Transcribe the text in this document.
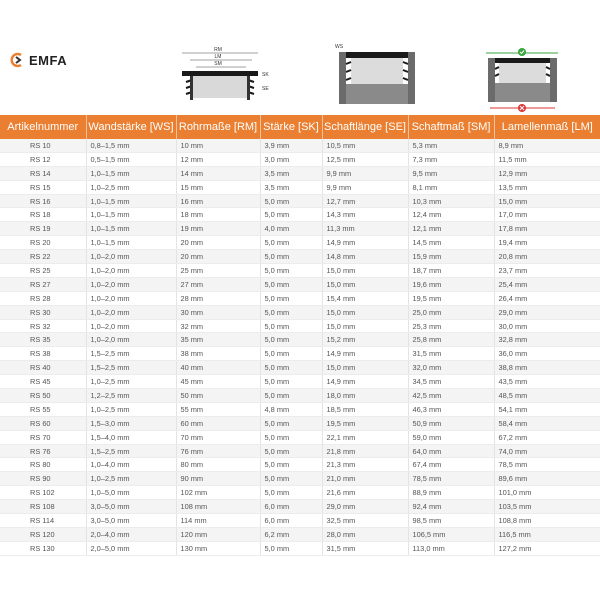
EMFA
RM
LM
SM
SK
SE
WS
Artikelnummer	Wandstärke [WS]	Rohrmaße [RM]	Stärke [SK]	Schaftlänge [SE]	Schaftmaß [SM]	Lamellenmaß [LM]
RS 10	0,8–1,5 mm	10 mm	3,9 mm	10,5 mm	5,3 mm	8,9 mm
RS 12	0,5–1,5 mm	12 mm	3,0 mm	12,5 mm	7,3 mm	11,5 mm
RS 14	1,0–1,5 mm	14 mm	3,5 mm	9,9 mm	9,5 mm	12,9 mm
RS 15	1,0–2,5 mm	15 mm	3,5 mm	9,9 mm	8,1 mm	13,5 mm
RS 16	1,0–1,5 mm	16 mm	5,0 mm	12,7 mm	10,3 mm	15,0 mm
RS 18	1,0–1,5 mm	18 mm	5,0 mm	14,3 mm	12,4 mm	17,0 mm
RS 19	1,0–1,5 mm	19 mm	4,0 mm	11,3 mm	12,1 mm	17,8 mm
RS 20	1,0–1,5 mm	20 mm	5,0 mm	14,9 mm	14,5 mm	19,4 mm
RS 22	1,0–2,0 mm	20 mm	5,0 mm	14,8 mm	15,9 mm	20,8 mm
RS 25	1,0–2,0 mm	25 mm	5,0 mm	15,0 mm	18,7 mm	23,7 mm
RS 27	1,0–2,0 mm	27 mm	5,0 mm	15,0 mm	19,6 mm	25,4 mm
RS 28	1,0–2,0 mm	28 mm	5,0 mm	15,4 mm	19,5 mm	26,4 mm
RS 30	1,0–2,0 mm	30 mm	5,0 mm	15,0 mm	25,0 mm	29,0 mm
RS 32	1,0–2,0 mm	32 mm	5,0 mm	15,0 mm	25,3 mm	30,0 mm
RS 35	1,0–2,0 mm	35 mm	5,0 mm	15,2 mm	25,8 mm	32,8 mm
RS 38	1,5–2,5 mm	38 mm	5,0 mm	14,9 mm	31,5 mm	36,0 mm
RS 40	1,5–2,5 mm	40 mm	5,0 mm	15,0 mm	32,0 mm	38,8 mm
RS 45	1,0–2,5 mm	45 mm	5,0 mm	14,9 mm	34,5 mm	43,5 mm
RS 50	1,2–2,5 mm	50 mm	5,0 mm	18,0 mm	42,5 mm	48,5 mm
RS 55	1,0–2,5 mm	55 mm	4,8 mm	18,5 mm	46,3 mm	54,1 mm
RS 60	1,5–3,0 mm	60 mm	5,0 mm	19,5 mm	50,9 mm	58,4 mm
RS 70	1,5–4,0 mm	70 mm	5,0 mm	22,1 mm	59,0 mm	67,2 mm
RS 76	1,5–2,5 mm	76 mm	5,0 mm	21,8 mm	64,0 mm	74,0 mm
RS 80	1,0–4,0 mm	80 mm	5,0 mm	21,3 mm	67,4 mm	78,5 mm
RS 90	1,0–2,5 mm	90 mm	5,0 mm	21,0 mm	78,5 mm	89,6 mm
RS 102	1,0–5,0 mm	102 mm	5,0 mm	21,6 mm	88,9 mm	101,0 mm
RS 108	3,0–5,0 mm	108 mm	6,0 mm	29,0 mm	92,4 mm	103,5 mm
RS 114	3,0–5,0 mm	114 mm	6,0 mm	32,5 mm	98,5 mm	108,8 mm
RS 120	2,0–4,0 mm	120 mm	6,2 mm	28,0 mm	106,5 mm	116,5 mm
RS 130	2,0–5,0 mm	130 mm	5,0 mm	31,5 mm	113,0 mm	127,2 mm
